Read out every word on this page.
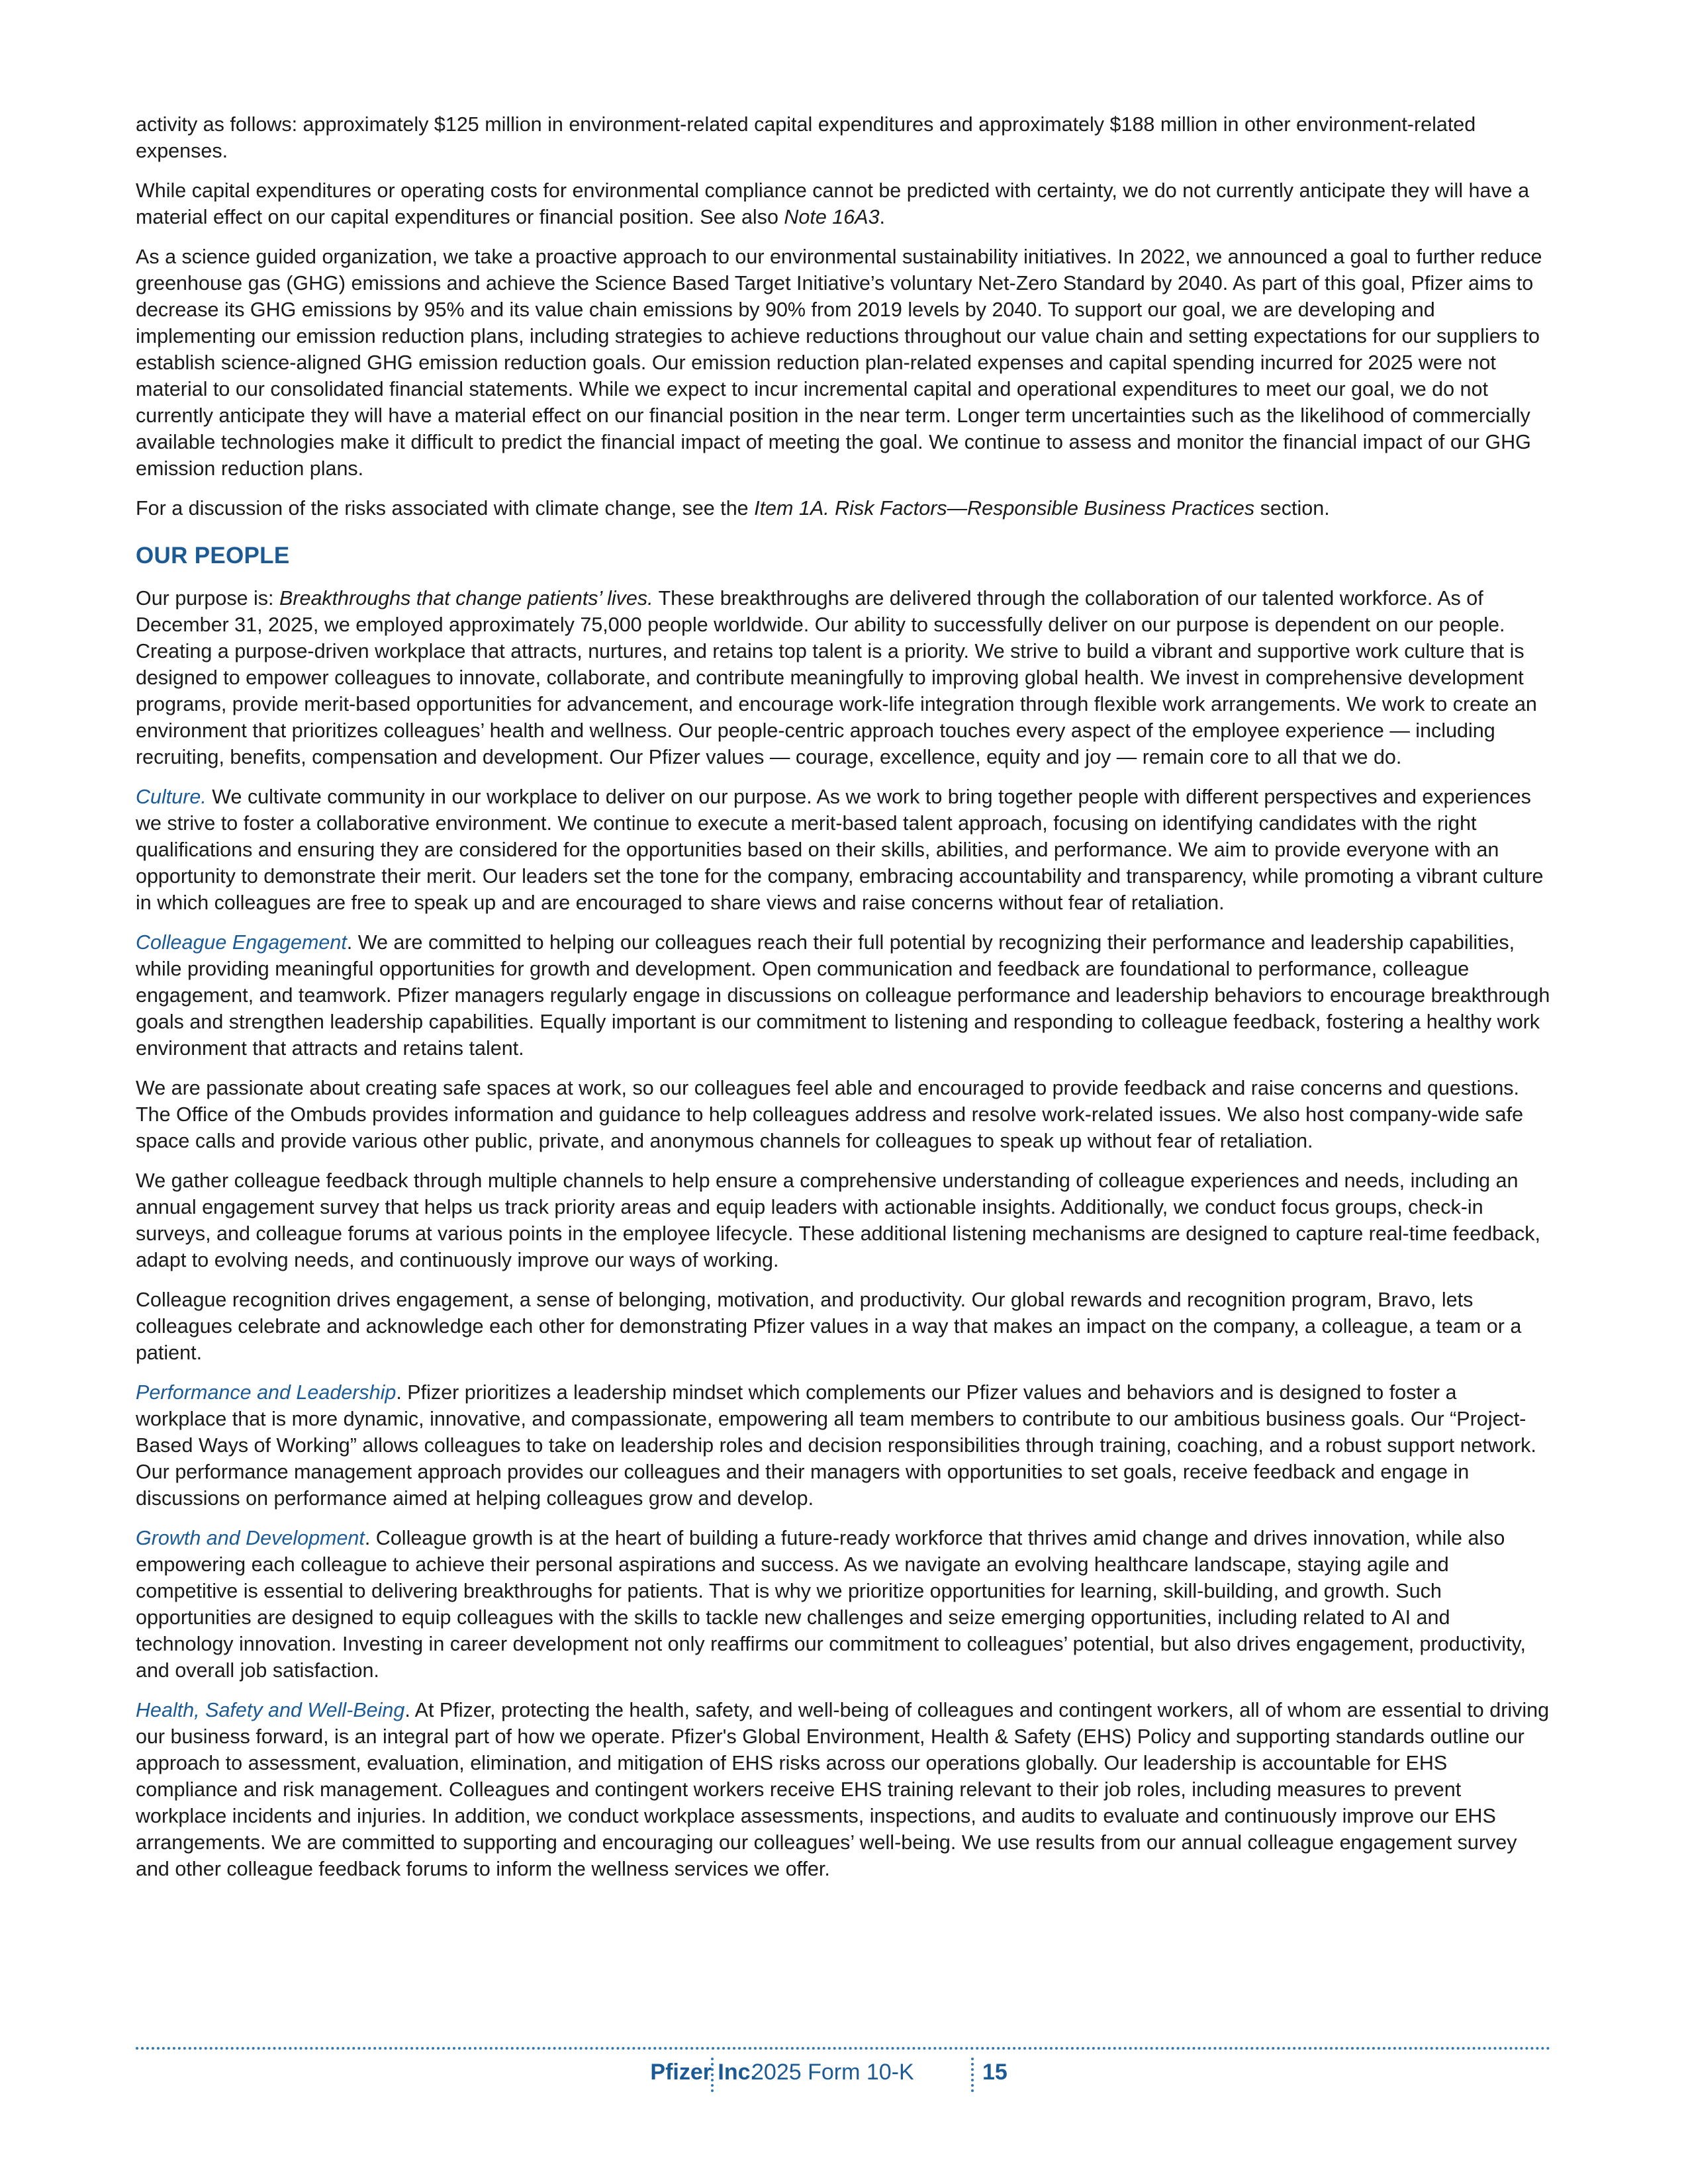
activity as follows: approximately $125 million in environment-related capital expenditures and approximately $188 million in other environment-related expenses.

While capital expenditures or operating costs for environmental compliance cannot be predicted with certainty, we do not currently anticipate they will have a material effect on our capital expenditures or financial position. See also Note 16A3.

As a science guided organization, we take a proactive approach to our environmental sustainability initiatives. In 2022, we announced a goal to further reduce greenhouse gas (GHG) emissions and achieve the Science Based Target Initiative’s voluntary Net-Zero Standard by 2040. As part of this goal, Pfizer aims to decrease its GHG emissions by 95% and its value chain emissions by 90% from 2019 levels by 2040. To support our goal, we are developing and implementing our emission reduction plans, including strategies to achieve reductions throughout our value chain and setting expectations for our suppliers to establish science-aligned GHG emission reduction goals. Our emission reduction plan-related expenses and capital spending incurred for 2025 were not material to our consolidated financial statements. While we expect to incur incremental capital and operational expenditures to meet our goal, we do not currently anticipate they will have a material effect on our financial position in the near term. Longer term uncertainties such as the likelihood of commercially available technologies make it difficult to predict the financial impact of meeting the goal. We continue to assess and monitor the financial impact of our GHG emission reduction plans.

For a discussion of the risks associated with climate change, see the Item 1A. Risk Factors—Responsible Business Practices section.

OUR PEOPLE

Our purpose is: Breakthroughs that change patients’ lives. These breakthroughs are delivered through the collaboration of our talented workforce. As of December 31, 2025, we employed approximately 75,000 people worldwide. Our ability to successfully deliver on our purpose is dependent on our people. Creating a purpose-driven workplace that attracts, nurtures, and retains top talent is a priority. We strive to build a vibrant and supportive work culture that is designed to empower colleagues to innovate, collaborate, and contribute meaningfully to improving global health. We invest in comprehensive development programs, provide merit-based opportunities for advancement, and encourage work-life integration through flexible work arrangements. We work to create an environment that prioritizes colleagues’ health and wellness. Our people-centric approach touches every aspect of the employee experience — including recruiting, benefits, compensation and development. Our Pfizer values — courage, excellence, equity and joy — remain core to all that we do.

Culture. We cultivate community in our workplace to deliver on our purpose. As we work to bring together people with different perspectives and experiences we strive to foster a collaborative environment. We continue to execute a merit-based talent approach, focusing on identifying candidates with the right qualifications and ensuring they are considered for the opportunities based on their skills, abilities, and performance. We aim to provide everyone with an opportunity to demonstrate their merit. Our leaders set the tone for the company, embracing accountability and transparency, while promoting a vibrant culture in which colleagues are free to speak up and are encouraged to share views and raise concerns without fear of retaliation.

Colleague Engagement. We are committed to helping our colleagues reach their full potential by recognizing their performance and leadership capabilities, while providing meaningful opportunities for growth and development. Open communication and feedback are foundational to performance, colleague engagement, and teamwork. Pfizer managers regularly engage in discussions on colleague performance and leadership behaviors to encourage breakthrough goals and strengthen leadership capabilities. Equally important is our commitment to listening and responding to colleague feedback, fostering a healthy work environment that attracts and retains talent.

We are passionate about creating safe spaces at work, so our colleagues feel able and encouraged to provide feedback and raise concerns and questions. The Office of the Ombuds provides information and guidance to help colleagues address and resolve work-related issues. We also host company-wide safe space calls and provide various other public, private, and anonymous channels for colleagues to speak up without fear of retaliation.

We gather colleague feedback through multiple channels to help ensure a comprehensive understanding of colleague experiences and needs, including an annual engagement survey that helps us track priority areas and equip leaders with actionable insights. Additionally, we conduct focus groups, check-in surveys, and colleague forums at various points in the employee lifecycle. These additional listening mechanisms are designed to capture real-time feedback, adapt to evolving needs, and continuously improve our ways of working.

Colleague recognition drives engagement, a sense of belonging, motivation, and productivity. Our global rewards and recognition program, Bravo, lets colleagues celebrate and acknowledge each other for demonstrating Pfizer values in a way that makes an impact on the company, a colleague, a team or a patient.

Performance and Leadership. Pfizer prioritizes a leadership mindset which complements our Pfizer values and behaviors and is designed to foster a workplace that is more dynamic, innovative, and compassionate, empowering all team members to contribute to our ambitious business goals. Our “Project-Based Ways of Working” allows colleagues to take on leadership roles and decision responsibilities through training, coaching, and a robust support network. Our performance management approach provides our colleagues and their managers with opportunities to set goals, receive feedback and engage in discussions on performance aimed at helping colleagues grow and develop.

Growth and Development. Colleague growth is at the heart of building a future-ready workforce that thrives amid change and drives innovation, while also empowering each colleague to achieve their personal aspirations and success. As we navigate an evolving healthcare landscape, staying agile and competitive is essential to delivering breakthroughs for patients. That is why we prioritize opportunities for learning, skill-building, and growth. Such opportunities are designed to equip colleagues with the skills to tackle new challenges and seize emerging opportunities, including related to AI and technology innovation. Investing in career development not only reaffirms our commitment to colleagues’ potential, but also drives engagement, productivity, and overall job satisfaction.

Health, Safety and Well-Being. At Pfizer, protecting the health, safety, and well-being of colleagues and contingent workers, all of whom are essential to driving our business forward, is an integral part of how we operate. Pfizer's Global Environment, Health & Safety (EHS) Policy and supporting standards outline our approach to assessment, evaluation, elimination, and mitigation of EHS risks across our operations globally. Our leadership is accountable for EHS compliance and risk management. Colleagues and contingent workers receive EHS training relevant to their job roles, including measures to prevent workplace incidents and injuries. In addition, we conduct workplace assessments, inspections, and audits to evaluate and continuously improve our EHS arrangements. We are committed to supporting and encouraging our colleagues’ well-being. We use results from our annual colleague engagement survey and other colleague feedback forums to inform the wellness services we offer.

Pfizer Inc.
2025 Form 10-K	15
